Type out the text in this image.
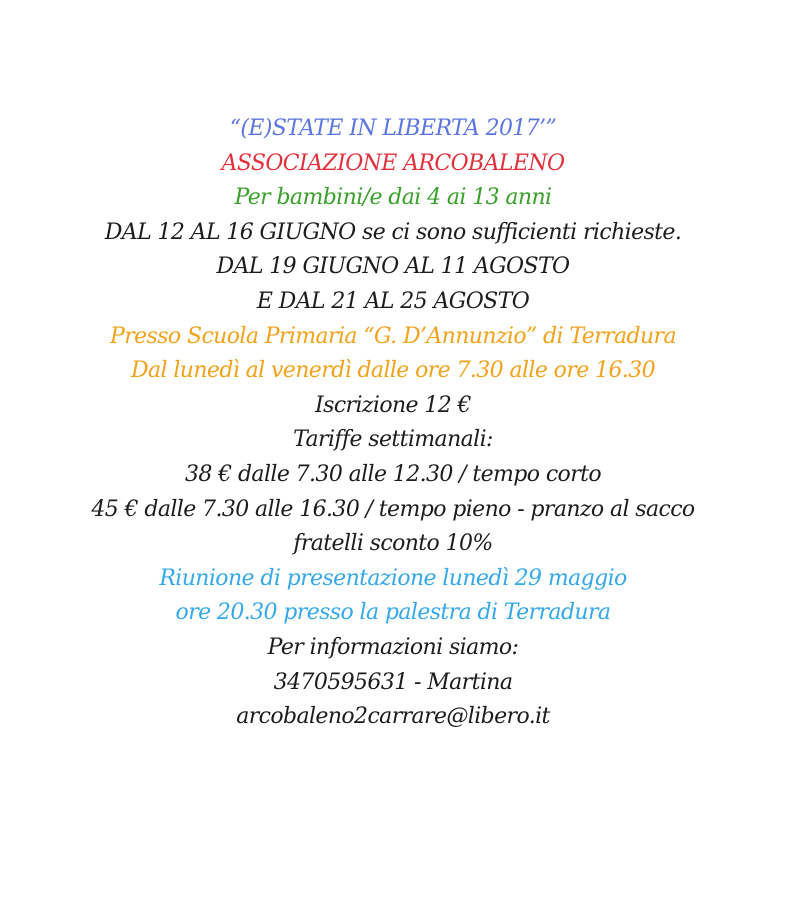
“(E)STATE IN LIBERTA 2017’”
ASSOCIAZIONE ARCOBALENO
Per bambini/e dai 4 ai 13 anni
DAL 12 AL 16 GIUGNO se ci sono sufficienti richieste.
DAL 19 GIUGNO AL 11 AGOSTO
E DAL 21 AL 25 AGOSTO
Presso Scuola Primaria “G. D’Annunzio” di Terradura
Dal lunedì al venerdì dalle ore 7.30 alle ore 16.30
Iscrizione 12 €
Tariffe settimanali:
38 € dalle 7.30 alle 12.30 / tempo corto
45 € dalle 7.30 alle 16.30 / tempo pieno - pranzo al sacco
fratelli sconto 10%
Riunione di presentazione lunedì 29 maggio
ore 20.30 presso la palestra di Terradura
Per informazioni siamo:
3470595631 - Martina
arcobaleno2carrare@libero.it
